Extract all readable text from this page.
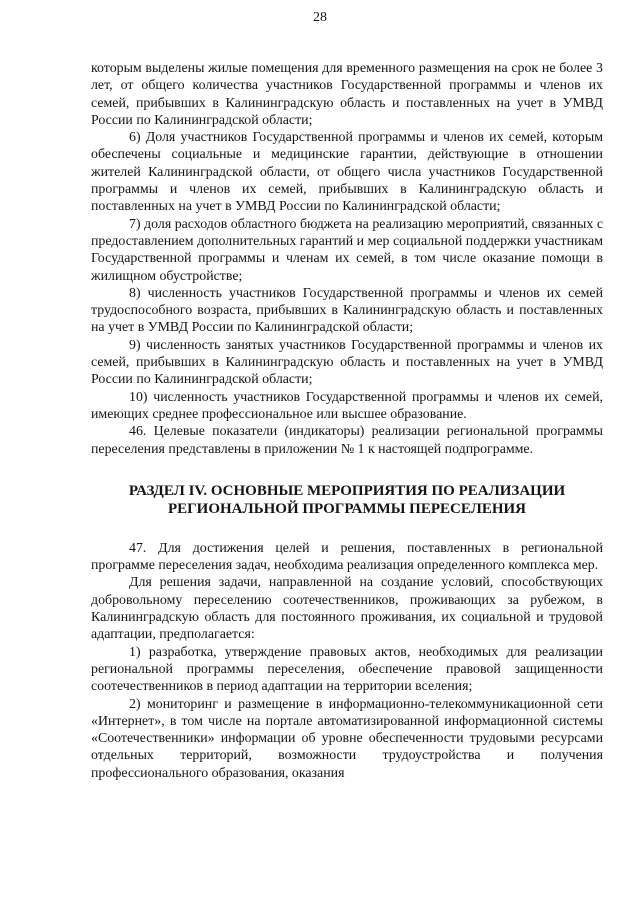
28

которым выделены жилые помещения для временного размещения на срок не более 3 лет, от общего количества участников Государственной программы и членов их семей, прибывших в Калининградскую область и поставленных на учет в УМВД России по Калининградской области;

6) Доля участников Государственной программы и членов их семей, которым обеспечены социальные и медицинские гарантии, действующие в отношении жителей Калининградской области, от общего числа участников Государственной программы и членов их семей, прибывших в Калининградскую область и поставленных на учет в УМВД России по Калининградской области;

7) доля расходов областного бюджета на реализацию мероприятий, связанных с предоставлением дополнительных гарантий и мер социальной поддержки участникам Государственной программы и членам их семей, в том числе оказание помощи в жилищном обустройстве;

8) численность участников Государственной программы и членов их семей трудоспособного возраста, прибывших в Калининградскую область и поставленных на учет в УМВД России по Калининградской области;

9) численность занятых участников Государственной программы и членов их семей, прибывших в Калининградскую область и поставленных на учет в УМВД России по Калининградской области;

10) численность участников Государственной программы и членов их семей, имеющих среднее профессиональное или высшее образование.

46. Целевые показатели (индикаторы) реализации региональной программы переселения представлены в приложении № 1 к настоящей подпрограмме.

РАЗДЕЛ IV. ОСНОВНЫЕ МЕРОПРИЯТИЯ ПО РЕАЛИЗАЦИИ РЕГИОНАЛЬНОЙ ПРОГРАММЫ ПЕРЕСЕЛЕНИЯ

47. Для достижения целей и решения, поставленных в региональной программе переселения задач, необходима реализация определенного комплекса мер.

Для решения задачи, направленной на создание условий, способствующих добровольному переселению соотечественников, проживающих за рубежом, в Калининградскую область для постоянного проживания, их социальной и трудовой адаптации, предполагается:

1) разработка, утверждение правовых актов, необходимых для реализации региональной программы переселения, обеспечение правовой защищенности соотечественников в период адаптации на территории вселения;

2) мониторинг и размещение в информационно-телекоммуникационной сети «Интернет», в том числе на портале автоматизированной информационной системы «Соотечественники» информации об уровне обеспеченности трудовыми ресурсами отдельных территорий, возможности трудоустройства и получения профессионального образования, оказания
